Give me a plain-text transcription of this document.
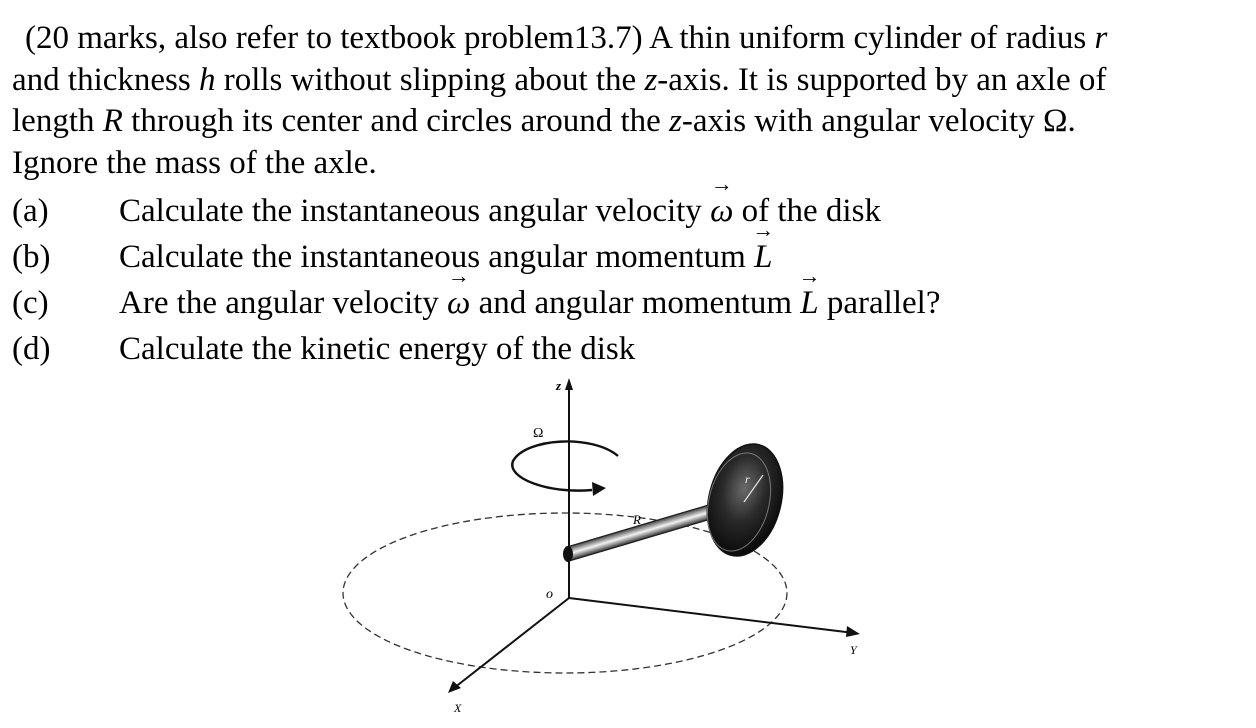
(20 marks, also refer to textbook problem13.7) A thin uniform cylinder of radius r
and thickness h rolls without slipping about the z-axis. It is supported by an axle of
length R through its center and circles around the z-axis with angular velocity Ω.
Ignore the mass of the axle.

(a)	Calculate the instantaneous angular velocity → ω of the disk
(b)	Calculate the instantaneous angular momentum → L
(c)	Are the angular velocity → ω and angular momentum → L parallel?
(d)	Calculate the kinetic energy of the disk
z
Ω
r
R
o
Y
X
